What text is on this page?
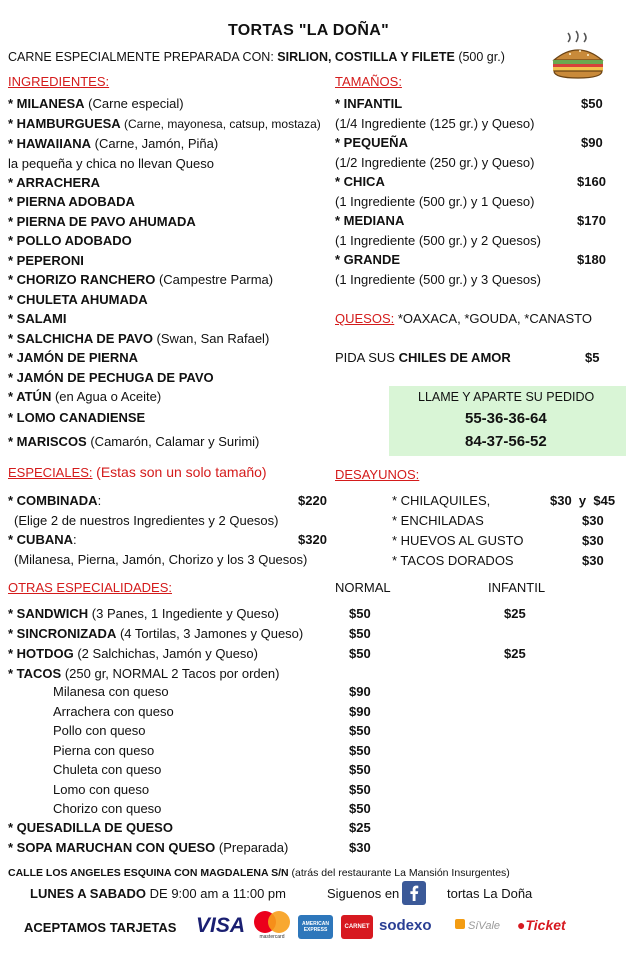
TORTAS "LA DOÑA"
CARNE ESPECIALMENTE PREPARADA CON: SIRLION, COSTILLA Y FILETE (500 gr.)
INGREDIENTES:
* MILANESA (Carne especial)
* HAMBURGUESA (Carne, mayonesa, catsup, mostaza)
* HAWAIIANA (Carne, Jamón, Piña)
la pequeña y chica no llevan Queso
* ARRACHERA
* PIERNA ADOBADA
* PIERNA DE PAVO AHUMADA
* POLLO ADOBADO
* PEPERONI
* CHORIZO RANCHERO (Campestre Parma)
* CHULETA AHUMADA
* SALAMI
* SALCHICHA DE PAVO (Swan, San Rafael)
* JAMÓN DE PIERNA
* JAMÓN DE PECHUGA DE PAVO
* ATÚN (en Agua o Aceite)
* LOMO CANADIENSE
* MARISCOS (Camarón, Calamar y Surimi)
TAMAÑOS:
* INFANTIL	$50
(1/4 Ingrediente (125 gr.) y Queso)
* PEQUEÑA	$90
(1/2 Ingrediente (250 gr.) y Queso)
* CHICA	$160
(1 Ingrediente (500 gr.) y 1 Queso)
* MEDIANA	$170
(1 Ingrediente (500 gr.) y 2 Quesos)
* GRANDE	$180
(1 Ingrediente (500 gr.) y 3 Quesos)
QUESOS: *OAXACA, *GOUDA, *CANASTO
PIDA SUS CHILES DE AMOR	$5
LLAME Y APARTE SU PEDIDO
55-36-36-64
84-37-56-52
ESPECIALES: (Estas son un solo tamaño)
* COMBINADA:	$220
(Elige 2 de nuestros Ingredientes y 2 Quesos)
* CUBANA:	$320
(Milanesa, Pierna, Jamón, Chorizo y los 3 Quesos)
DESAYUNOS:
* CHILAQUILES,	$30  y  $45
* ENCHILADAS	$30
* HUEVOS AL GUSTO	$30
* TACOS DORADOS	$30
OTRAS ESPECIALIDADES:	NORMAL	INFANTIL
* SANDWICH (3 Panes, 1 Ingediente y Queso)	$50	$25
* SINCRONIZADA (4 Tortilas, 3 Jamones y Queso)	$50
* HOTDOG (2 Salchichas, Jamón y Queso)	$50	$25
* TACOS (250 gr, NORMAL 2 Tacos por orden)
Milanesa con queso	$90
Arrachera con queso	$90
Pollo con queso	$50
Pierna con queso	$50
Chuleta con queso	$50
Lomo con queso	$50
Chorizo con queso	$50
* QUESADILLA DE QUESO	$25
* SOPA MARUCHAN CON QUESO (Preparada)	$30
CALLE LOS ANGELES ESQUINA CON MAGDALENA S/N (atrás del restaurante La Mansión Insurgentes)
LUNES A SABADO DE 9:00 am a 11:00 pm	Siguenos en	tortas La Doña
ACEPTAMOS TARJETAS VISA	mastercard
AMERICAN EXPRESS	CARNET sodexo	SíVale ●Ticket
